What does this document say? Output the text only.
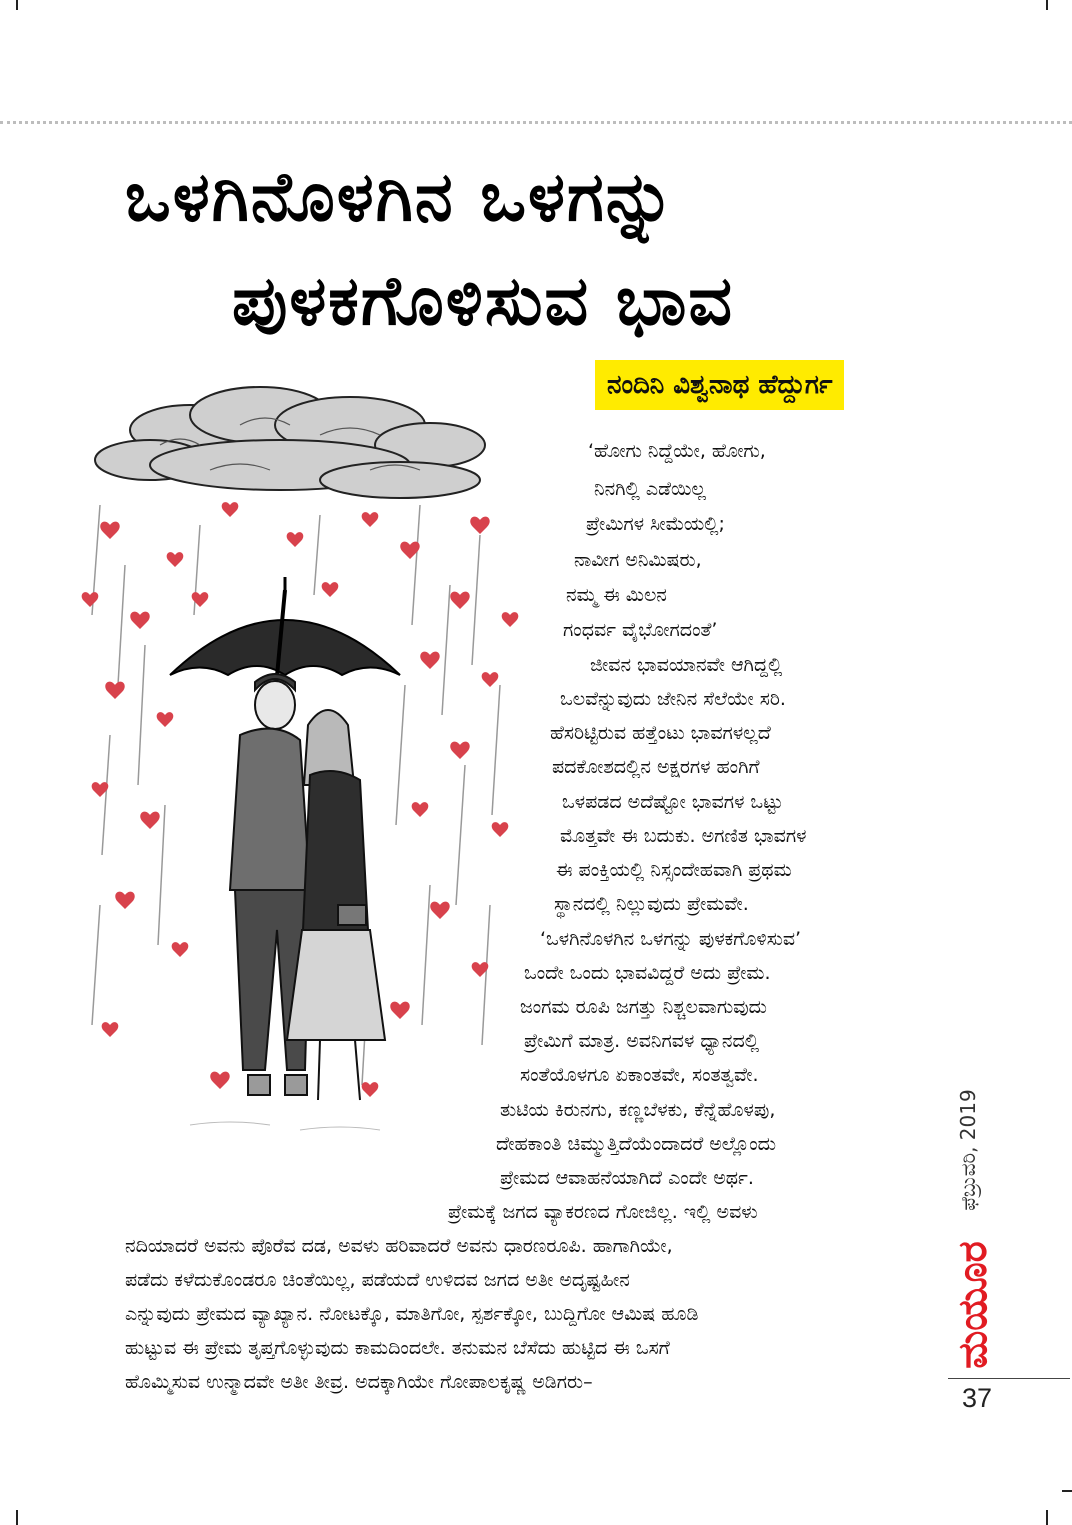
ಒಳಗಿನೊಳಗಿನ ಒಳಗನ್ನು
ಪುಳಕಗೊಳಿಸುವ ಭಾವ
ನಂದಿನಿ ವಿಶ್ವನಾಥ ಹೆದ್ದುರ್ಗ
‘ಹೋಗು ನಿದ್ದೆಯೇ, ಹೋಗು,
ನಿನಗಿಲ್ಲಿ ಎಡೆಯಿಲ್ಲ
ಪ್ರೇಮಿಗಳ ಸೀಮೆಯಲ್ಲಿ;
ನಾವೀಗ ಅನಿಮಿಷರು,
ನಮ್ಮ ಈ ಮಿಲನ
ಗಂಧರ್ವ ವೈಭೋಗದಂತೆ’
ಜೀವನ ಭಾವಯಾನವೇ ಆಗಿದ್ದಲ್ಲಿ
ಒಲವೆನ್ನುವುದು ಜೇನಿನ ಸೆಲೆಯೇ ಸರಿ.
ಹೆಸರಿಟ್ಟಿರುವ ಹತ್ತೆಂಟು ಭಾವಗಳಲ್ಲದೆ
ಪದಕೋಶದಲ್ಲಿನ ಅಕ್ಷರಗಳ ಹಂಗಿಗೆ
ಒಳಪಡದ ಅದೆಷ್ಟೋ ಭಾವಗಳ ಒಟ್ಟು
ಮೊತ್ತವೇ ಈ ಬದುಕು. ಅಗಣಿತ ಭಾವಗಳ
ಈ ಪಂಕ್ತಿಯಲ್ಲಿ ನಿಸ್ಸಂದೇಹವಾಗಿ ಪ್ರಥಮ
ಸ್ಥಾನದಲ್ಲಿ ನಿಲ್ಲುವುದು ಪ್ರೇಮವೇ.
‘ಒಳಗಿನೊಳಗಿನ ಒಳಗನ್ನು ಪುಳಕಗೊಳಿಸುವ’
ಒಂದೇ ಒಂದು ಭಾವವಿದ್ದರೆ ಅದು ಪ್ರೇಮ.
ಜಂಗಮ ರೂಪಿ ಜಗತ್ತು ನಿಶ್ಚಲವಾಗುವುದು
ಪ್ರೇಮಿಗೆ ಮಾತ್ರ. ಅವನಿಗವಳ ಧ್ಯಾನದಲ್ಲಿ
ಸಂತೆಯೊಳಗೂ ಏಕಾಂತವೇ, ಸಂತತ್ವವೇ.
ತುಟಿಯ ಕಿರುನಗು, ಕಣ್ಣಬೆಳಕು, ಕೆನ್ನೆಹೊಳಪು,
ದೇಹಕಾಂತಿ ಚಿಮ್ಮುತ್ತಿದೆಯೆಂದಾದರೆ ಅಲ್ಲೊಂದು
ಪ್ರೇಮದ ಆವಾಹನೆಯಾಗಿದೆ ಎಂದೇ ಅರ್ಥ.
ಪ್ರೇಮಕ್ಕೆ ಜಗದ ವ್ಯಾಕರಣದ ಗೋಜಿಲ್ಲ. ಇಲ್ಲಿ ಅವಳು
ನದಿಯಾದರೆ ಅವನು ಪೊರೆವ ದಡ, ಅವಳು ಹರಿವಾದರೆ ಅವನು ಧಾರಣರೂಪಿ. ಹಾಗಾಗಿಯೇ,
ಪಡೆದು ಕಳೆದುಕೊಂಡರೂ ಚಿಂತೆಯಿಲ್ಲ, ಪಡೆಯದೆ ಉಳಿದವ ಜಗದ ಅತೀ ಅದೃಷ್ಟಹೀನ
ಎನ್ನುವುದು ಪ್ರೇಮದ ವ್ಯಾಖ್ಯಾನ. ನೋಟಕ್ಕೊ, ಮಾತಿಗೋ, ಸ್ಪರ್ಶಕ್ಕೋ, ಬುದ್ದಿಗೋ ಆಮಿಷ ಹೂಡಿ
ಹುಟ್ಟುವ ಈ ಪ್ರೇಮ ತೃಪ್ತಗೊಳ್ಳುವುದು ಕಾಮದಿಂದಲೇ. ತನುಮನ ಬೆಸೆದು ಹುಟ್ಟಿದ ಈ ಒಸಗೆ
ಹೊಮ್ಮಿಸುವ ಉನ್ಮಾದವೇ ಅತೀ ತೀವ್ರ. ಅದಕ್ಕಾಗಿಯೇ ಗೋಪಾಲಕೃಷ್ಣ ಅಡಿಗರು–
ಫೆಬ್ರುವರಿ, 2019
ಮಯೂರ
37
